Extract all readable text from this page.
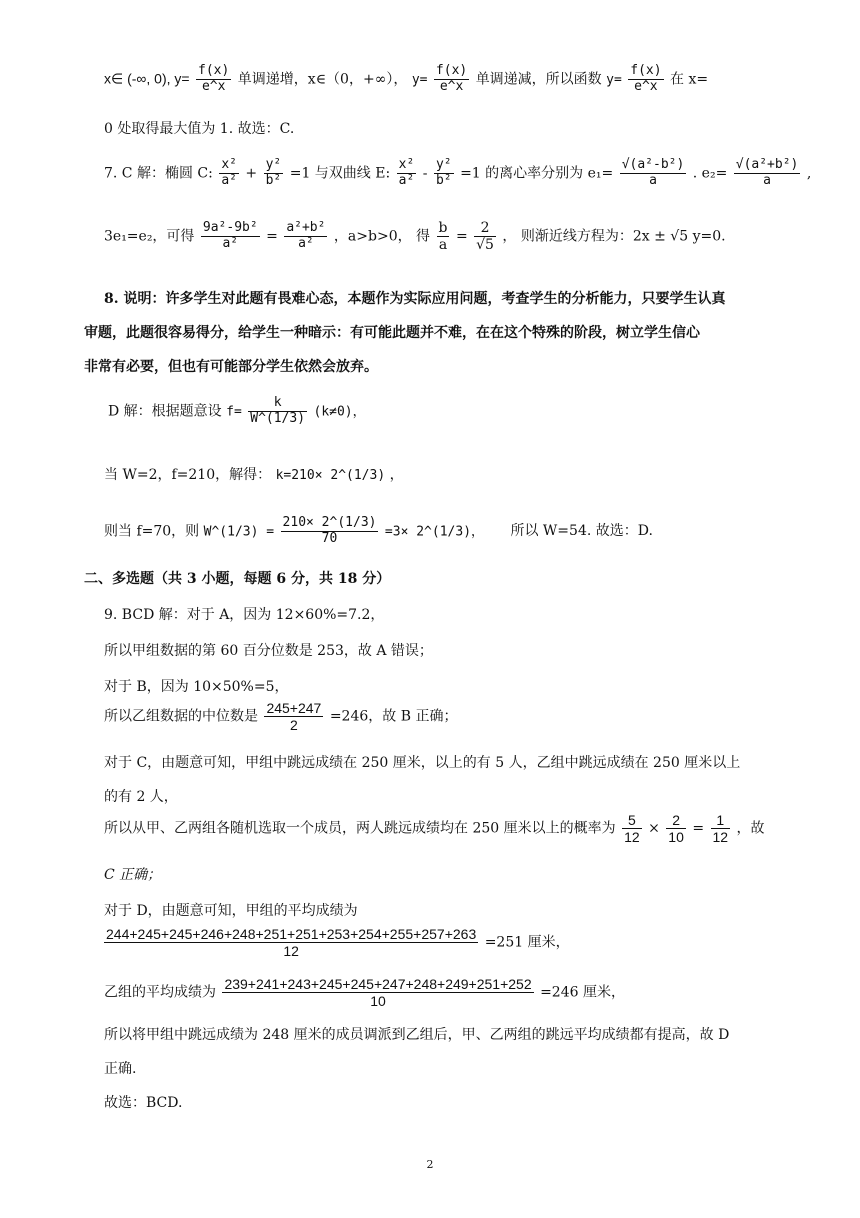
x∈ (-∞, 0), $y= \frac{f(x)}{e\^{}x}$ 单调递增，x∈（0，+∞）， $y= \frac{f(x)}{e\^{}x}$ 单调递减，所以函数 $y= \frac{f(x)}{e\^{}x}$ 在 x=
0 处取得最大值为 1. 故选：C.
7. C 解：椭圆 C: $\frac{\text{x²}}{\text{a²}} + \frac{\text{y²}}{\text{b²}} =1$ 与双曲线 E: $\frac{\text{x²}}{\text{a²}} - \frac{\text{y²}}{\text{b²}} =1$ 的离心率分别为 $e_1= \frac{\text{√(a²-b²)}}{a}$ . $e_2= \frac{\text{√(a²+b²)}}{a}$ ,
3e₁=e₂，可得 $\frac{\text{9a²-9b²}}{\text{a²}} = \frac{\text{a²+b²}}{\text{a²}}$ ，a>b>0， 得 $\frac{b}{a} = \frac{2}{√5}$ ， 则渐近线方程为：2x ± √5 y=0.
8. 说明：许多学生对此题有畏难心态，本题作为实际应用问题，考查学生的分析能力，只要学生认真
审题，此题很容易得分，给学生一种暗示：有可能此题并不难，在在这个特殊的阶段，树立学生信心
非常有必要，但也有可能部分学生依然会放弃。
D 解：根据题意设 $f= \frac{k}{W\^{}(1/3)} (k\ne 0)$，
当 W=2，f=210，解得： k=210× 2^(1/3) ，
则当 f=70，则 W^(1/3) = $\frac{210\times 2\^{}(1/3)}{70} =3\times$ 2^(1/3)， 所以 W=54. 故选：D.
二、多选题（共 3 小题，每题 6 分，共 18 分）
9. BCD 解：对于 A，因为 12×60%=7.2，
所以甲组数据的第 60 百分位数是 253，故 A 错误；
对于 B，因为 10×50%=5，
所以乙组数据的中位数是 $\frac{245+247}{2} =246$，故 B 正确；
对于 C，由题意可知，甲组中跳远成绩在 250 厘米，以上的有 5 人，乙组中跳远成绩在 250 厘米以上
的有 2 人，
所以从甲、乙两组各随机选取一个成员，两人跳远成绩均在 250 厘米以上的概率为 $\frac{5}{12} \times \frac{2}{10} = \frac{1}{12}$ ，故
C 正确；
对于 D，由题意可知，甲组的平均成绩为
$\frac{244+245+245+246+248+251+251+253+254+255+257+263}{12} =251$ 厘米，
乙组的平均成绩为 $\frac{239+241+243+245+245+247+248+249+251+252}{10} =246$ 厘米，
所以将甲组中跳远成绩为 248 厘米的成员调派到乙组后，甲、乙两组的跳远平均成绩都有提高，故 D
正确.
故选：BCD.
2
